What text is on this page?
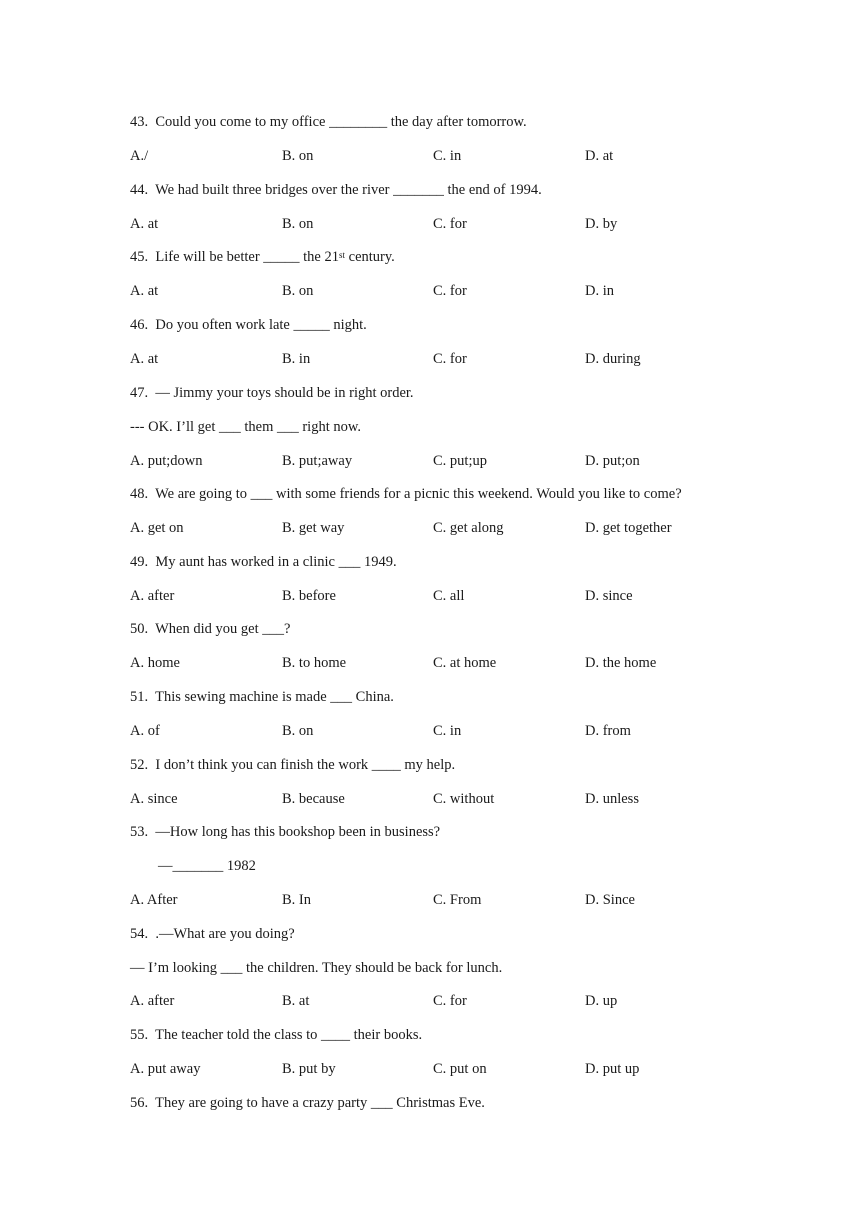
43. Could you come to my office ________ the day after tomorrow.
A./	B. on	C. in	D. at
44. We had built three bridges over the river _______ the end of 1994.
A. at	B. on	C. for	D. by
45. Life will be better _____ the 21st century.
A. at	B. on	C. for	D. in
46. Do you often work late _____ night.
A. at	B. in	C. for	D. during
47. — Jimmy your toys should be in right order.
--- OK. I’ll get ___ them ___ right now.
A. put;down	B. put;away	C. put;up	D. put;on
48. We are going to ___ with some friends for a picnic this weekend. Would you like to come?
A. get on	B. get way	C. get along	D. get together
49. My aunt has worked in a clinic ___ 1949.
A. after	B. before	C. all	D. since
50. When did you get ___?
A. home	B. to home	C. at home	D. the home
51. This sewing machine is made ___ China.
A. of	B. on	C. in	D. from
52. I don’t think you can finish the work ____ my help.
A. since	B. because	C. without	D. unless
53. —How long has this bookshop been in business?
—_______ 1982
A. After	B. In	C. From	D. Since
54. .—What are you doing?
— I’m looking ___ the children. They should be back for lunch.
A. after	B. at	C. for	D. up
55. The teacher told the class to ____ their books.
A. put away	B. put by	C. put on	D. put up
56. They are going to have a crazy party ___ Christmas Eve.
